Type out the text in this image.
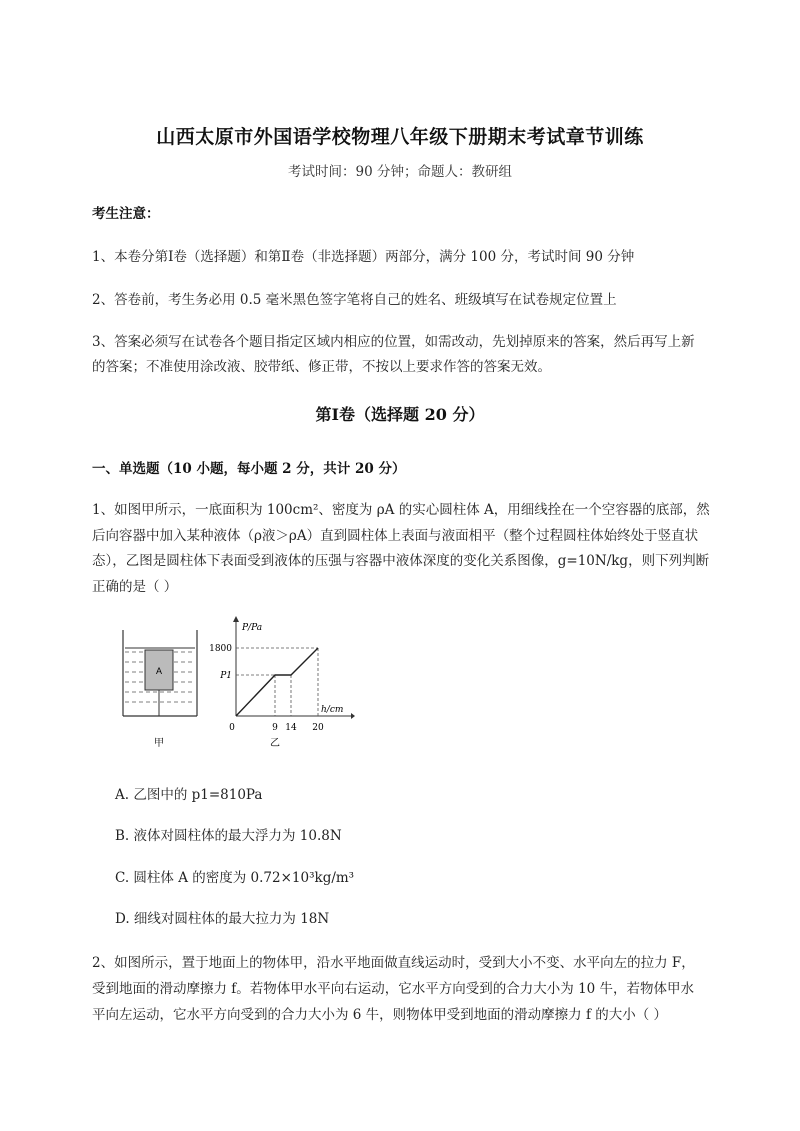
山西太原市外国语学校物理八年级下册期末考试章节训练
考试时间：90 分钟；命题人：教研组
考生注意：
1、本卷分第Ⅰ卷（选择题）和第Ⅱ卷（非选择题）两部分，满分 100 分，考试时间 90 分钟
2、答卷前，考生务必用 0.5 毫米黑色签字笔将自己的姓名、班级填写在试卷规定位置上
3、答案必须写在试卷各个题目指定区域内相应的位置，如需改动，先划掉原来的答案，然后再写上新
的答案；不准使用涂改液、胶带纸、修正带，不按以上要求作答的答案无效。
第Ⅰ卷（选择题 20 分）
一、单选题（10 小题，每小题 2 分，共计 20 分）
1、如图甲所示，一底面积为 100cm²、密度为 ρA 的实心圆柱体 A，用细线拴在一个空容器的底部，然
后向容器中加入某种液体（ρ液＞ρA）直到圆柱体上表面与液面相平（整个过程圆柱体始终处于竖直状
态），乙图是圆柱体下表面受到液体的压强与容器中液体深度的变化关系图像，g=10N/kg，则下列判断
正确的是（ ）
A
甲
P/Pa
h/cm
1800
P1
0	9 14 20
乙
A. 乙图中的 p1=810Pa
B. 液体对圆柱体的最大浮力为 10.8N
C. 圆柱体 A 的密度为 0.72×10³kg/m³
D. 细线对圆柱体的最大拉力为 18N
2、如图所示，置于地面上的物体甲，沿水平地面做直线运动时，受到大小不变、水平向左的拉力 F，
受到地面的滑动摩擦力 f。若物体甲水平向右运动，它水平方向受到的合力大小为 10 牛，若物体甲水
平向左运动，它水平方向受到的合力大小为 6 牛，则物体甲受到地面的滑动摩擦力 f 的大小（ ）
